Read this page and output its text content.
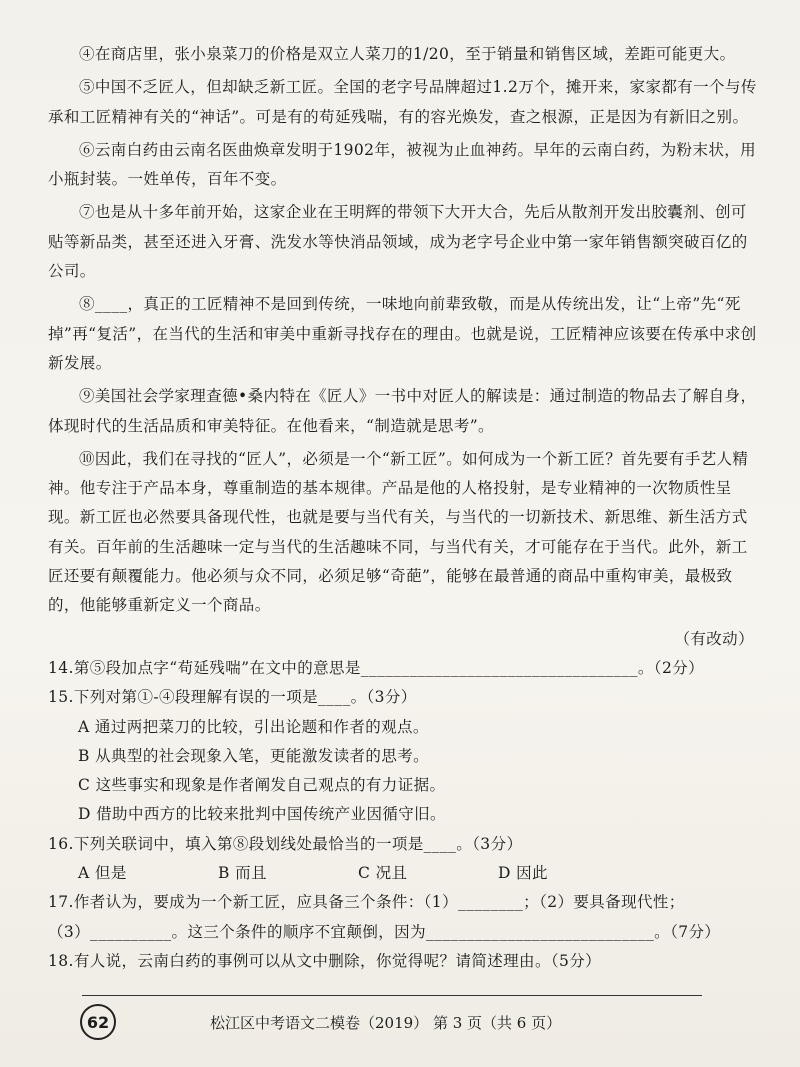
④在商店里，张小泉菜刀的价格是双立人菜刀的1/20，至于销量和销售区域，差距可能更大。

⑤中国不乏匠人，但却缺乏新工匠。全国的老字号品牌超过1.2万个，摊开来，家家都有一个与传承和工匠精神有关的“神话”。可是有的苟延残喘，有的容光焕发，查之根源，正是因为有新旧之别。

⑥云南白药由云南名医曲焕章发明于1902年，被视为止血神药。早年的云南白药，为粉末状，用小瓶封装。一姓单传，百年不变。

⑦也是从十多年前开始，这家企业在王明辉的带领下大开大合，先后从散剂开发出胶囊剂、创可贴等新品类，甚至还进入牙膏、洗发水等快消品领域，成为老字号企业中第一家年销售额突破百亿的公司。

⑧____，真正的工匠精神不是回到传统，一味地向前辈致敬，而是从传统出发，让“上帝”先“死掉”再“复活”，在当代的生活和审美中重新寻找存在的理由。也就是说，工匠精神应该要在传承中求创新发展。

⑨美国社会学家理查德•桑内特在《匠人》一书中对匠人的解读是：通过制造的物品去了解自身，体现时代的生活品质和审美特征。在他看来，“制造就是思考”。

⑩因此，我们在寻找的“匠人”，必须是一个“新工匠”。如何成为一个新工匠？首先要有手艺人精神。他专注于产品本身，尊重制造的基本规律。产品是他的人格投射，是专业精神的一次物质性呈现。新工匠也必然要具备现代性，也就是要与当代有关，与当代的一切新技术、新思维、新生活方式有关。百年前的生活趣味一定与当代的生活趣味不同，与当代有关，才可能存在于当代。此外，新工匠还要有颠覆能力。他必须与众不同，必须足够“奇葩”，能够在最普通的商品中重构审美，最极致的，他能够重新定义一个商品。

（有改动）

14.第⑤段加点字“苟延残喘”在文中的意思是__________________________________。（2分）

15.下列对第①-④段理解有误的一项是____。（3分）

A 通过两把菜刀的比较，引出论题和作者的观点。

B 从典型的社会现象入笔，更能激发读者的思考。

C 这些事实和现象是作者阐发自己观点的有力证据。

D 借助中西方的比较来批判中国传统产业因循守旧。

16.下列关联词中，填入第⑧段划线处最恰当的一项是____。（3分）

A 但是	B 而且	C 况且	D 因此

17.作者认为，要成为一个新工匠，应具备三个条件：（1）________；（2）要具备现代性；

（3）__________。这三个条件的顺序不宜颠倒，因为____________________________。（7分）

18.有人说，云南白药的事例可以从文中删除，你觉得呢？请简述理由。（5分）

62	松江区中考语文二模卷（2019） 第 3 页（共 6 页）
